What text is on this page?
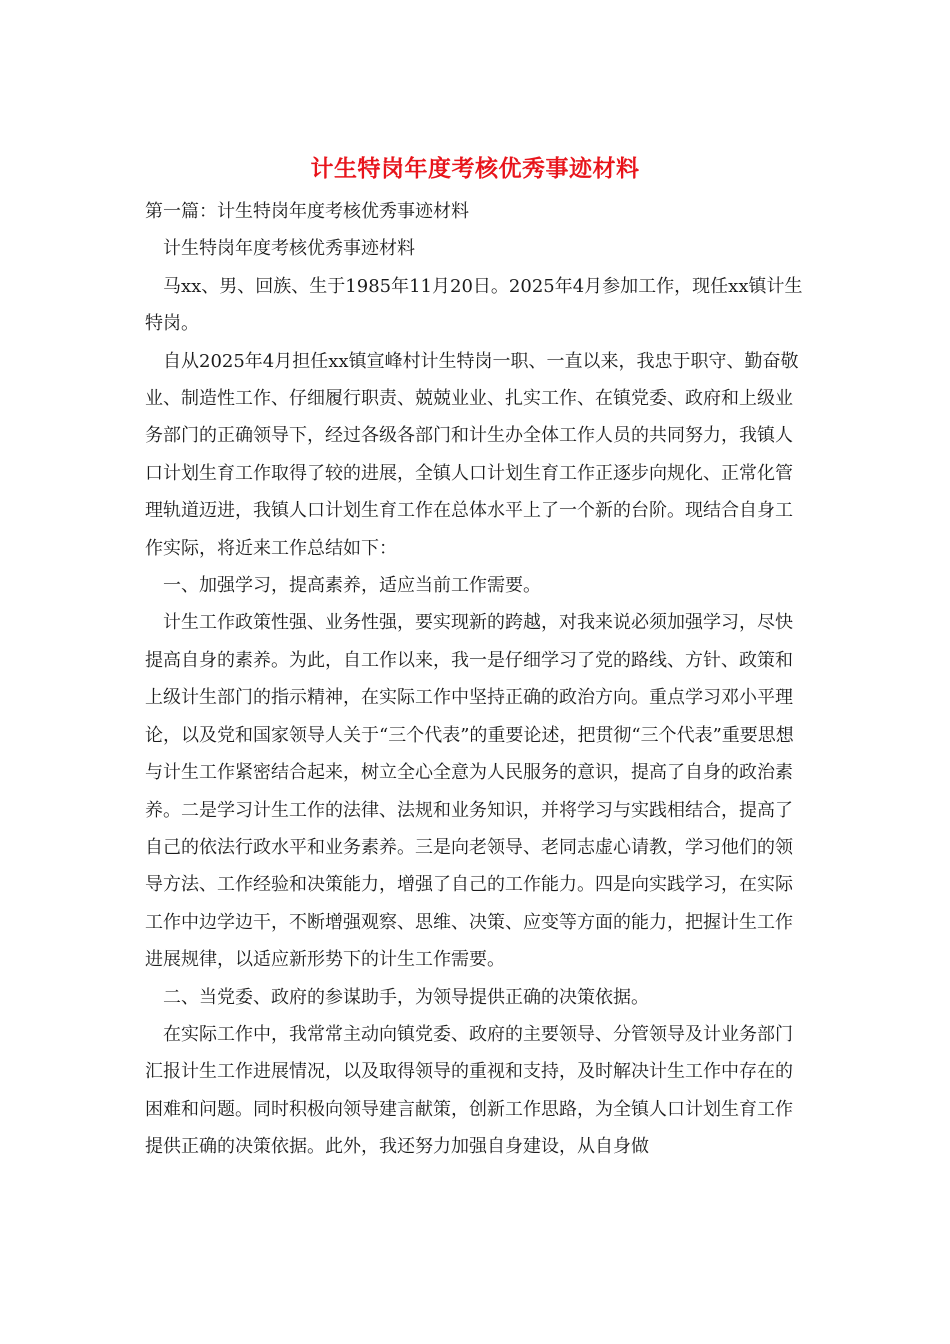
计生特岗年度考核优秀事迹材料

第一篇：计生特岗年度考核优秀事迹材料

计生特岗年度考核优秀事迹材料

马xx、男、回族、生于1985年11月20日。2025年4月参加工作，现任xx镇计生特岗。

自从2025年4月担任xx镇宣峰村计生特岗一职、一直以来，我忠于职守、勤奋敬业、制造性工作、仔细履行职责、兢兢业业、扎实工作、在镇党委、政府和上级业务部门的正确领导下，经过各级各部门和计生办全体工作人员的共同努力，我镇人口计划生育工作取得了较的进展，全镇人口计划生育工作正逐步向规化、正常化管理轨道迈进，我镇人口计划生育工作在总体水平上了一个新的台阶。现结合自身工作实际，将近来工作总结如下：

一、加强学习，提高素养，适应当前工作需要。

计生工作政策性强、业务性强，要实现新的跨越，对我来说必须加强学习，尽快提高自身的素养。为此，自工作以来，我一是仔细学习了党的路线、方针、政策和上级计生部门的指示精神，在实际工作中坚持正确的政治方向。重点学习邓小平理论，以及党和国家领导人关于“三个代表”的重要论述，把贯彻“三个代表”重要思想与计生工作紧密结合起来，树立全心全意为人民服务的意识，提高了自身的政治素养。二是学习计生工作的法律、法规和业务知识，并将学习与实践相结合，提高了自己的依法行政水平和业务素养。三是向老领导、老同志虚心请教，学习他们的领导方法、工作经验和决策能力，增强了自己的工作能力。四是向实践学习，在实际工作中边学边干，不断增强观察、思维、决策、应变等方面的能力，把握计生工作进展规律，以适应新形势下的计生工作需要。

二、当党委、政府的参谋助手，为领导提供正确的决策依据。

在实际工作中，我常常主动向镇党委、政府的主要领导、分管领导及计业务部门汇报计生工作进展情况，以及取得领导的重视和支持，及时解决计生工作中存在的困难和问题。同时积极向领导建言献策，创新工作思路，为全镇人口计划生育工作提供正确的决策依据。此外，我还努力加强自身建设，从自身做
